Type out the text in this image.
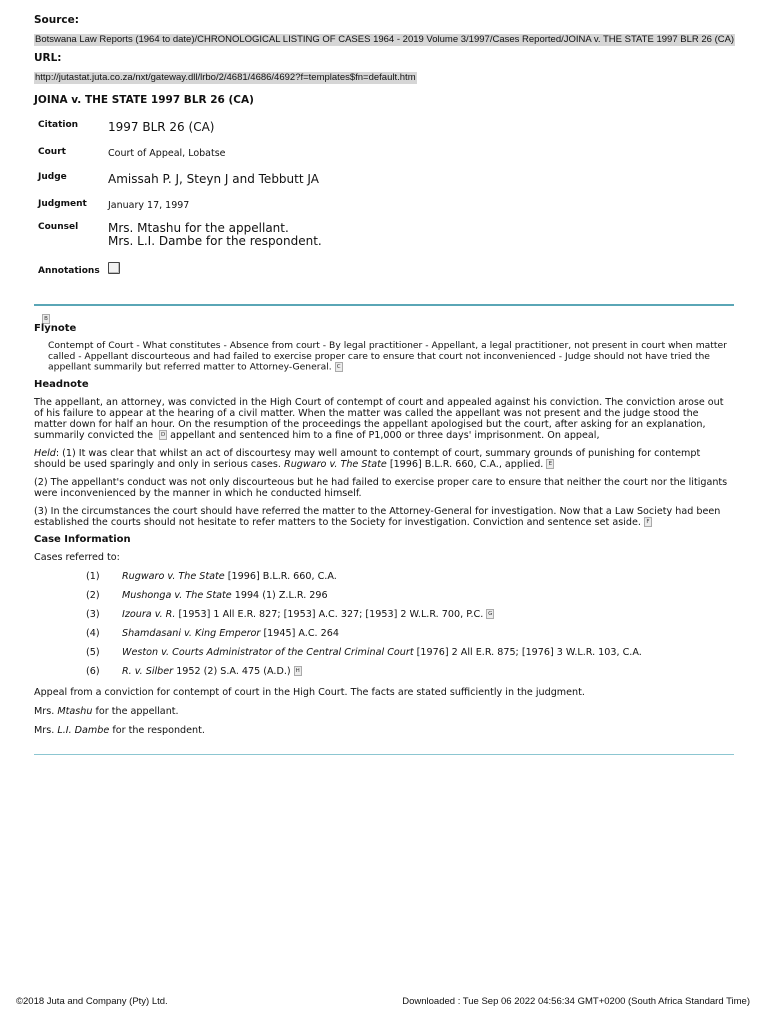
Source:

Botswana Law Reports (1964 to date)/CHRONOLOGICAL LISTING OF CASES 1964 - 2019 Volume 3/1997/Cases Reported/JOINA v. THE STATE 1997 BLR 26 (CA)

URL:

http://jutastat.juta.co.za/nxt/gateway.dll/lrbo/2/4681/4686/4692?f=templates$fn=default.htm

JOINA v. THE STATE 1997 BLR 26 (CA)

Citation	1997 BLR 26 (CA)
Court	Court of Appeal, Lobatse
Judge	Amissah P. J, Steyn J and Tebbutt JA
Judgment	January 17, 1997
Counsel	Mrs. Mtashu for the appellant.
Mrs. L.I. Dambe for the respondent.

Annotations	
B

Flynote

Contempt of Court - What constitutes - Absence from court - By legal practitioner - Appellant, a legal practitioner, not present in court when matter called - Appellant discourteous and had failed to exercise proper care to ensure that court not inconvenienced - Judge should not have tried the appellant summarily but referred matter to Attorney-General. C

Headnote

The appellant, an attorney, was convicted in the High Court of contempt of court and appealed against his conviction. The conviction arose out of his failure to appear at the hearing of a civil matter. When the matter was called the appellant was not present and the judge stood the matter down for half an hour. On the resumption of the proceedings the appellant apologised but the court, after asking for an explanation, summarily convicted the D appellant and sentenced him to a fine of P1,000 or three days' imprisonment. On appeal,

Held: (1) It was clear that whilst an act of discourtesy may well amount to contempt of court, summary grounds of punishing for contempt should be used sparingly and only in serious cases. Rugwaro v. The State [1996] B.L.R. 660, C.A., applied. E

(2) The appellant's conduct was not only discourteous but he had failed to exercise proper care to ensure that neither the court nor the litigants were inconvenienced by the manner in which he conducted himself.

(3) In the circumstances the court should have referred the matter to the Attorney-General for investigation. Now that a Law Society had been established the courts should not hesitate to refer matters to the Society for investigation. Conviction and sentence set aside. F

Case Information

Cases referred to:

(1) Rugwaro v. The State [1996] B.L.R. 660, C.A.
(2) Mushonga v. The State 1994 (1) Z.L.R. 296
(3) Izoura v. R. [1953] 1 All E.R. 827; [1953] A.C. 327; [1953] 2 W.L.R. 700, P.C. G
(4) Shamdasani v. King Emperor [1945] A.C. 264
(5) Weston v. Courts Administrator of the Central Criminal Court [1976] 2 All E.R. 875; [1976] 3 W.L.R. 103, C.A.
(6) R. v. Silber 1952 (2) S.A. 475 (A.D.) H

Appeal from a conviction for contempt of court in the High Court. The facts are stated sufficiently in the judgment.

Mrs. Mtashu for the appellant.

Mrs. L.I. Dambe for the respondent.

©2018 Juta and Company (Pty) Ltd.	Downloaded : Tue Sep 06 2022 04:56:34 GMT+0200 (South Africa Standard Time)
